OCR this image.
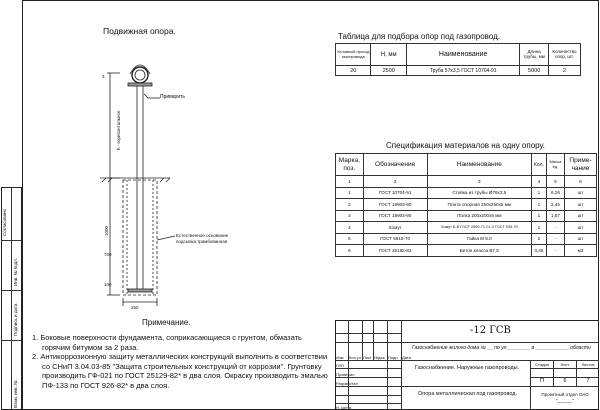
Взам. инв. №
Подпись и дата
Инв. № подл.
Согласовано
Подвижная опора.
Приварить
h - горизонтальное
3
1000
700
100
250
Естественное основание
подсыпка трамбованная
Таблица для подбора опор под газопровод.
Условный проход газопровода	Н, мм	Наименование	Длина трубы, мм	Количество опор, шт.
20	2500	Труба 57х3,5 ГОСТ 10704-91	5000	2
Спецификация материалов на одну опору.
Марка, поз.	Обозначение	Наименование	Кол.	Масса ед.	Приме-чание
1	2	3	4	5	6
1	ГОСТ 10704-91	Стойка из трубы Ø76х3,5	1	6,26	шт
2	ГОСТ 19903-90	Плита опорная 250х250х5 мм	1	2,45	шт
3	ГОСТ 19903-90	Полка 200х200х5 мм	1	1,57	шт
4	Хомут	Хомут Б-В ГОСТ 2590-71 Ст-3 ГОСТ 535-79	1	-	шт
5	ГОСТ 5915-70	Гайка М 8.0	2	-	шт
6	ГОСТ 25192-82	Бетон класса В7,5	0,45	-	м3
Примечание.
1. Боковые поверхности фундамента, соприкасающиеся с грунтом, обмазать горячим битумом за 2 раза.
2. Антикоррозионную защиту металлических конструкций выполнить в соответствии со СНиП 3.04.03-85 "Защита строительных конструкций от коррозии". Грунтовку производить ГФ-021 по ГОСТ 25129-82* в два слоя. Окраску производить эмалью ПФ-133 по ГОСТ 926-82* в два слоя.
Изм Кол.уч Лист №док Подп Дата
ГИП
Проверил
Разработал
Н. контр.
-12 ГСВ
Газоснабжение жилого дома № __ по ул.________ в ____________ области
Газоснабжение. Наружные газопроводы.
Опора металлическая под газопровод.
Стадия	Лист	Листов
П	6	7
Проектный отдел ОАО "______"
